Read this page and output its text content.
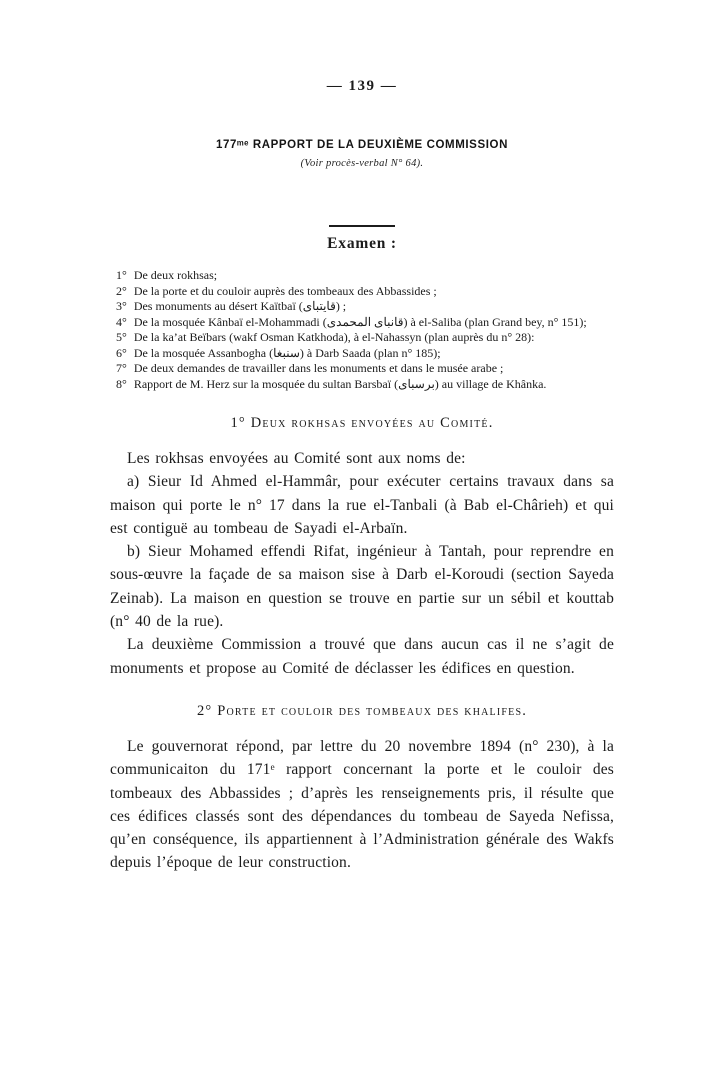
— 139 —
177ᵐᵉ RAPPORT DE LA DEUXIÈME COMMISSION
(Voir procès-verbal N° 64).
Examen :
1° De deux rokhsas;
2° De la porte et du couloir auprès des tombeaux des Abbassides ;
3° Des monuments au désert Kaïtbaï (قايتباى) ;
4° De la mosquée Kânbaï el-Mohammadi (قانباى المحمدى) à el-Saliba (plan Grand bey, n° 151);
5° De la ka’at Beïbars (wakf Osman Katkhoda), à el-Nahassyn (plan auprès du n° 28):
6° De la mosquée Assanbogha (سنبغا) à Darb Saada (plan n° 185);
7° De deux demandes de travailler dans les monuments et dans le musée arabe ;
8° Rapport de M. Herz sur la mosquée du sultan Barsbaï (برسباى) au village de Khânka.
1° Deux rokhsas envoyées au Comité.

Les rokhsas envoyées au Comité sont aux noms de:

a) Sieur Id Ahmed el-Hammâr, pour exécuter certains travaux dans sa maison qui porte le n° 17 dans la rue el-Tanbali (à Bab el-Chârieh) et qui est contiguë au tombeau de Sayadi el-Arbaïn.

b) Sieur Mohamed effendi Rifat, ingénieur à Tantah, pour reprendre en sous-œuvre la façade de sa maison sise à Darb el-Koroudi (section Sayeda Zeinab). La maison en question se trouve en partie sur un sébil et kouttab (n° 40 de la rue).

La deuxième Commission a trouvé que dans aucun cas il ne s’agit de monuments et propose au Comité de déclasser les édifices en question.

2° Porte et couloir des tombeaux des khalifes.

Le gouvernorat répond, par lettre du 20 novembre 1894 (n° 230), à la communicaiton du 171ᵉ rapport concernant la porte et le couloir des tombeaux des Abbassides ; d’après les renseignements pris, il résulte que ces édifices classés sont des dépendances du tombeau de Sayeda Nefissa, qu’en conséquence, ils appartiennent à l’Administration générale des Wakfs depuis l’époque de leur construction.
